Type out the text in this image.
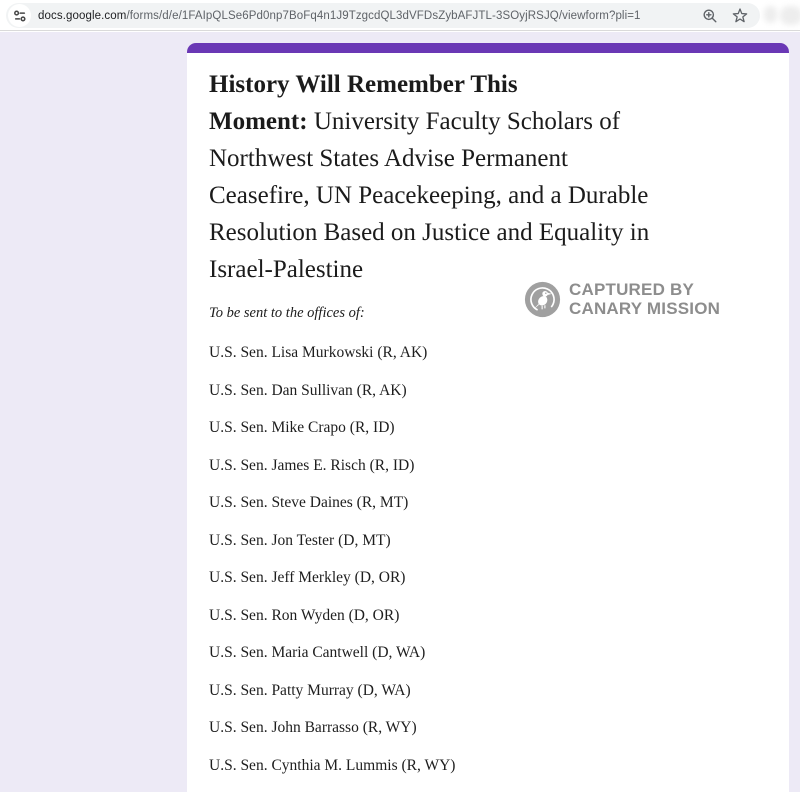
docs.google.com/forms/d/e/1FAIpQLSe6Pd0np7BoFq4n1J9TzgcdQL3dVFDsZybAFJTL-3SOyjRSJQ/viewform?pli=1
History Will Remember This
Moment: University Faculty Scholars of
Northwest States Advise Permanent
Ceasefire, UN Peacekeeping, and a Durable
Resolution Based on Justice and Equality in
Israel-Palestine
To be sent to the offices of:

U.S. Sen. Lisa Murkowski (R, AK)

U.S. Sen. Dan Sullivan (R, AK)

U.S. Sen. Mike Crapo (R, ID)

U.S. Sen. James E. Risch (R, ID)

U.S. Sen. Steve Daines (R, MT)

U.S. Sen. Jon Tester (D, MT)

U.S. Sen. Jeff Merkley (D, OR)

U.S. Sen. Ron Wyden (D, OR)

U.S. Sen. Maria Cantwell (D, WA)

U.S. Sen. Patty Murray (D, WA)

U.S. Sen. John Barrasso (R, WY)

U.S. Sen. Cynthia M. Lummis (R, WY)

CAPTURED BY
CANARY MISSION
